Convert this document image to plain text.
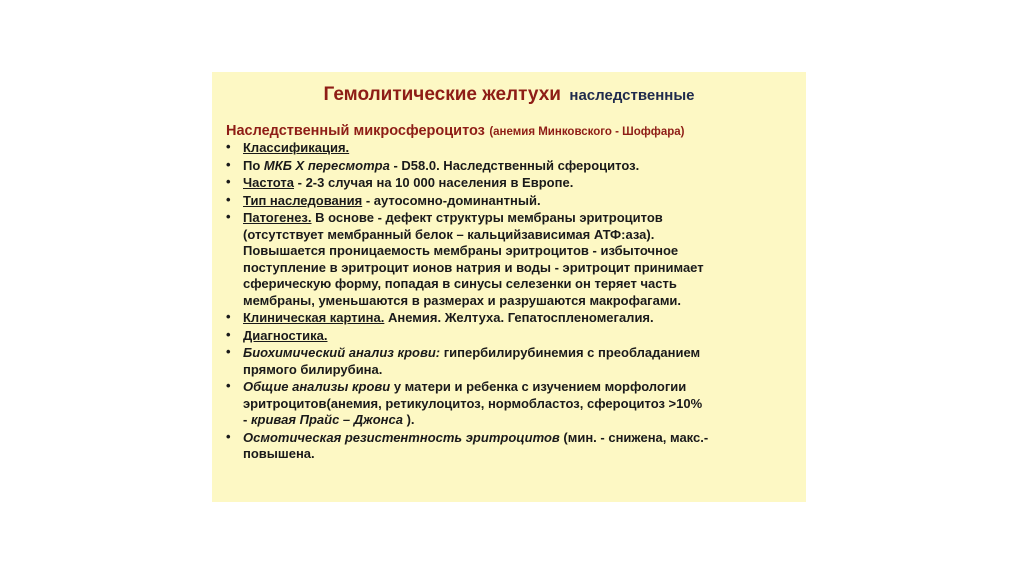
Гемолитические желтухи наследственные
Наследственный микросфероцитоз (анемия Минковского - Шоффара)
• Классификация.
• По МКБ Х пересмотра - D58.0. Наследственный сфероцитоз.
• Частота - 2-3 случая на 10 000 населения в Европе.
• Тип наследования - аутосомно-доминантный.
• Патогенез. В основе - дефект структуры мембраны эритроцитов
(отсутствует мембранный белок – кальцийзависимая АТФ:аза).
Повышается проницаемость мембраны эритроцитов - избыточное
поступление в эритроцит ионов натрия и воды - эритроцит принимает
сферическую форму, попадая в синусы селезенки он теряет часть
мембраны, уменьшаются в размерах и разрушаются макрофагами.
• Клиническая картина. Анемия. Желтуха. Гепатоспленомегалия.
• Диагностика.
• Биохимический анализ крови: гипербилирубинемия с преобладанием
прямого билирубина.
• Общие анализы крови у матери и ребенка с изучением морфологии
эритроцитов(анемия, ретикулоцитоз, нормобластоз, сфероцитоз >10%
- кривая Прайс – Джонса ).
• Осмотическая резистентность эритроцитов (мин. - снижена, макс.-
повышена.
